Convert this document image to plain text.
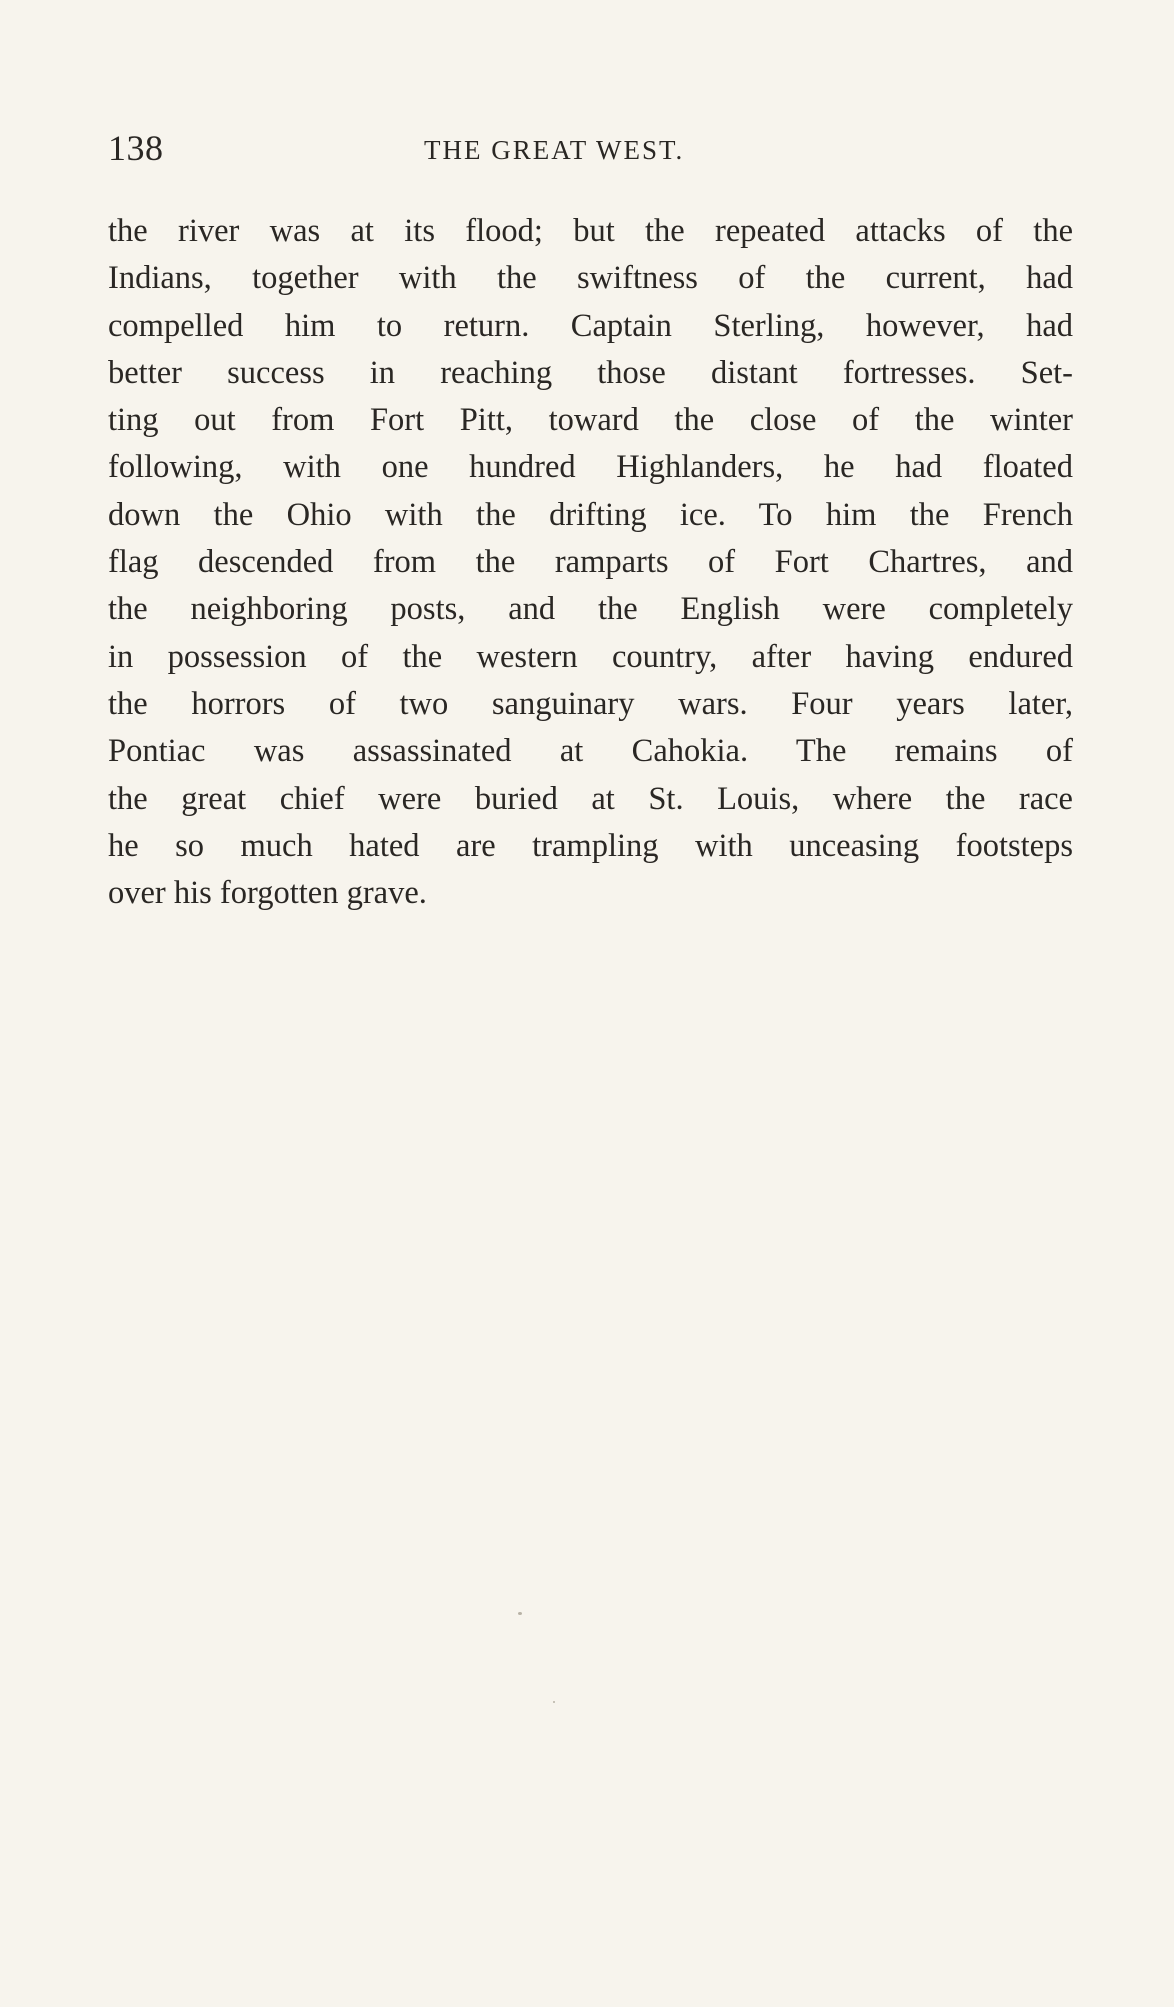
138	THE GREAT WEST.
the river was at its flood; but the repeated attacks of the
Indians, together with the swiftness of the current, had
compelled him to return. Captain Sterling, however, had
better success in reaching those distant fortresses. Set-
ting out from Fort Pitt, toward the close of the winter
following, with one hundred Highlanders, he had floated
down the Ohio with the drifting ice. To him the French
flag descended from the ramparts of Fort Chartres, and
the neighboring posts, and the English were completely
in possession of the western country, after having endured
the horrors of two sanguinary wars. Four years later,
Pontiac was assassinated at Cahokia. The remains of
the great chief were buried at St. Louis, where the race
he so much hated are trampling with unceasing footsteps
over his forgotten grave.
